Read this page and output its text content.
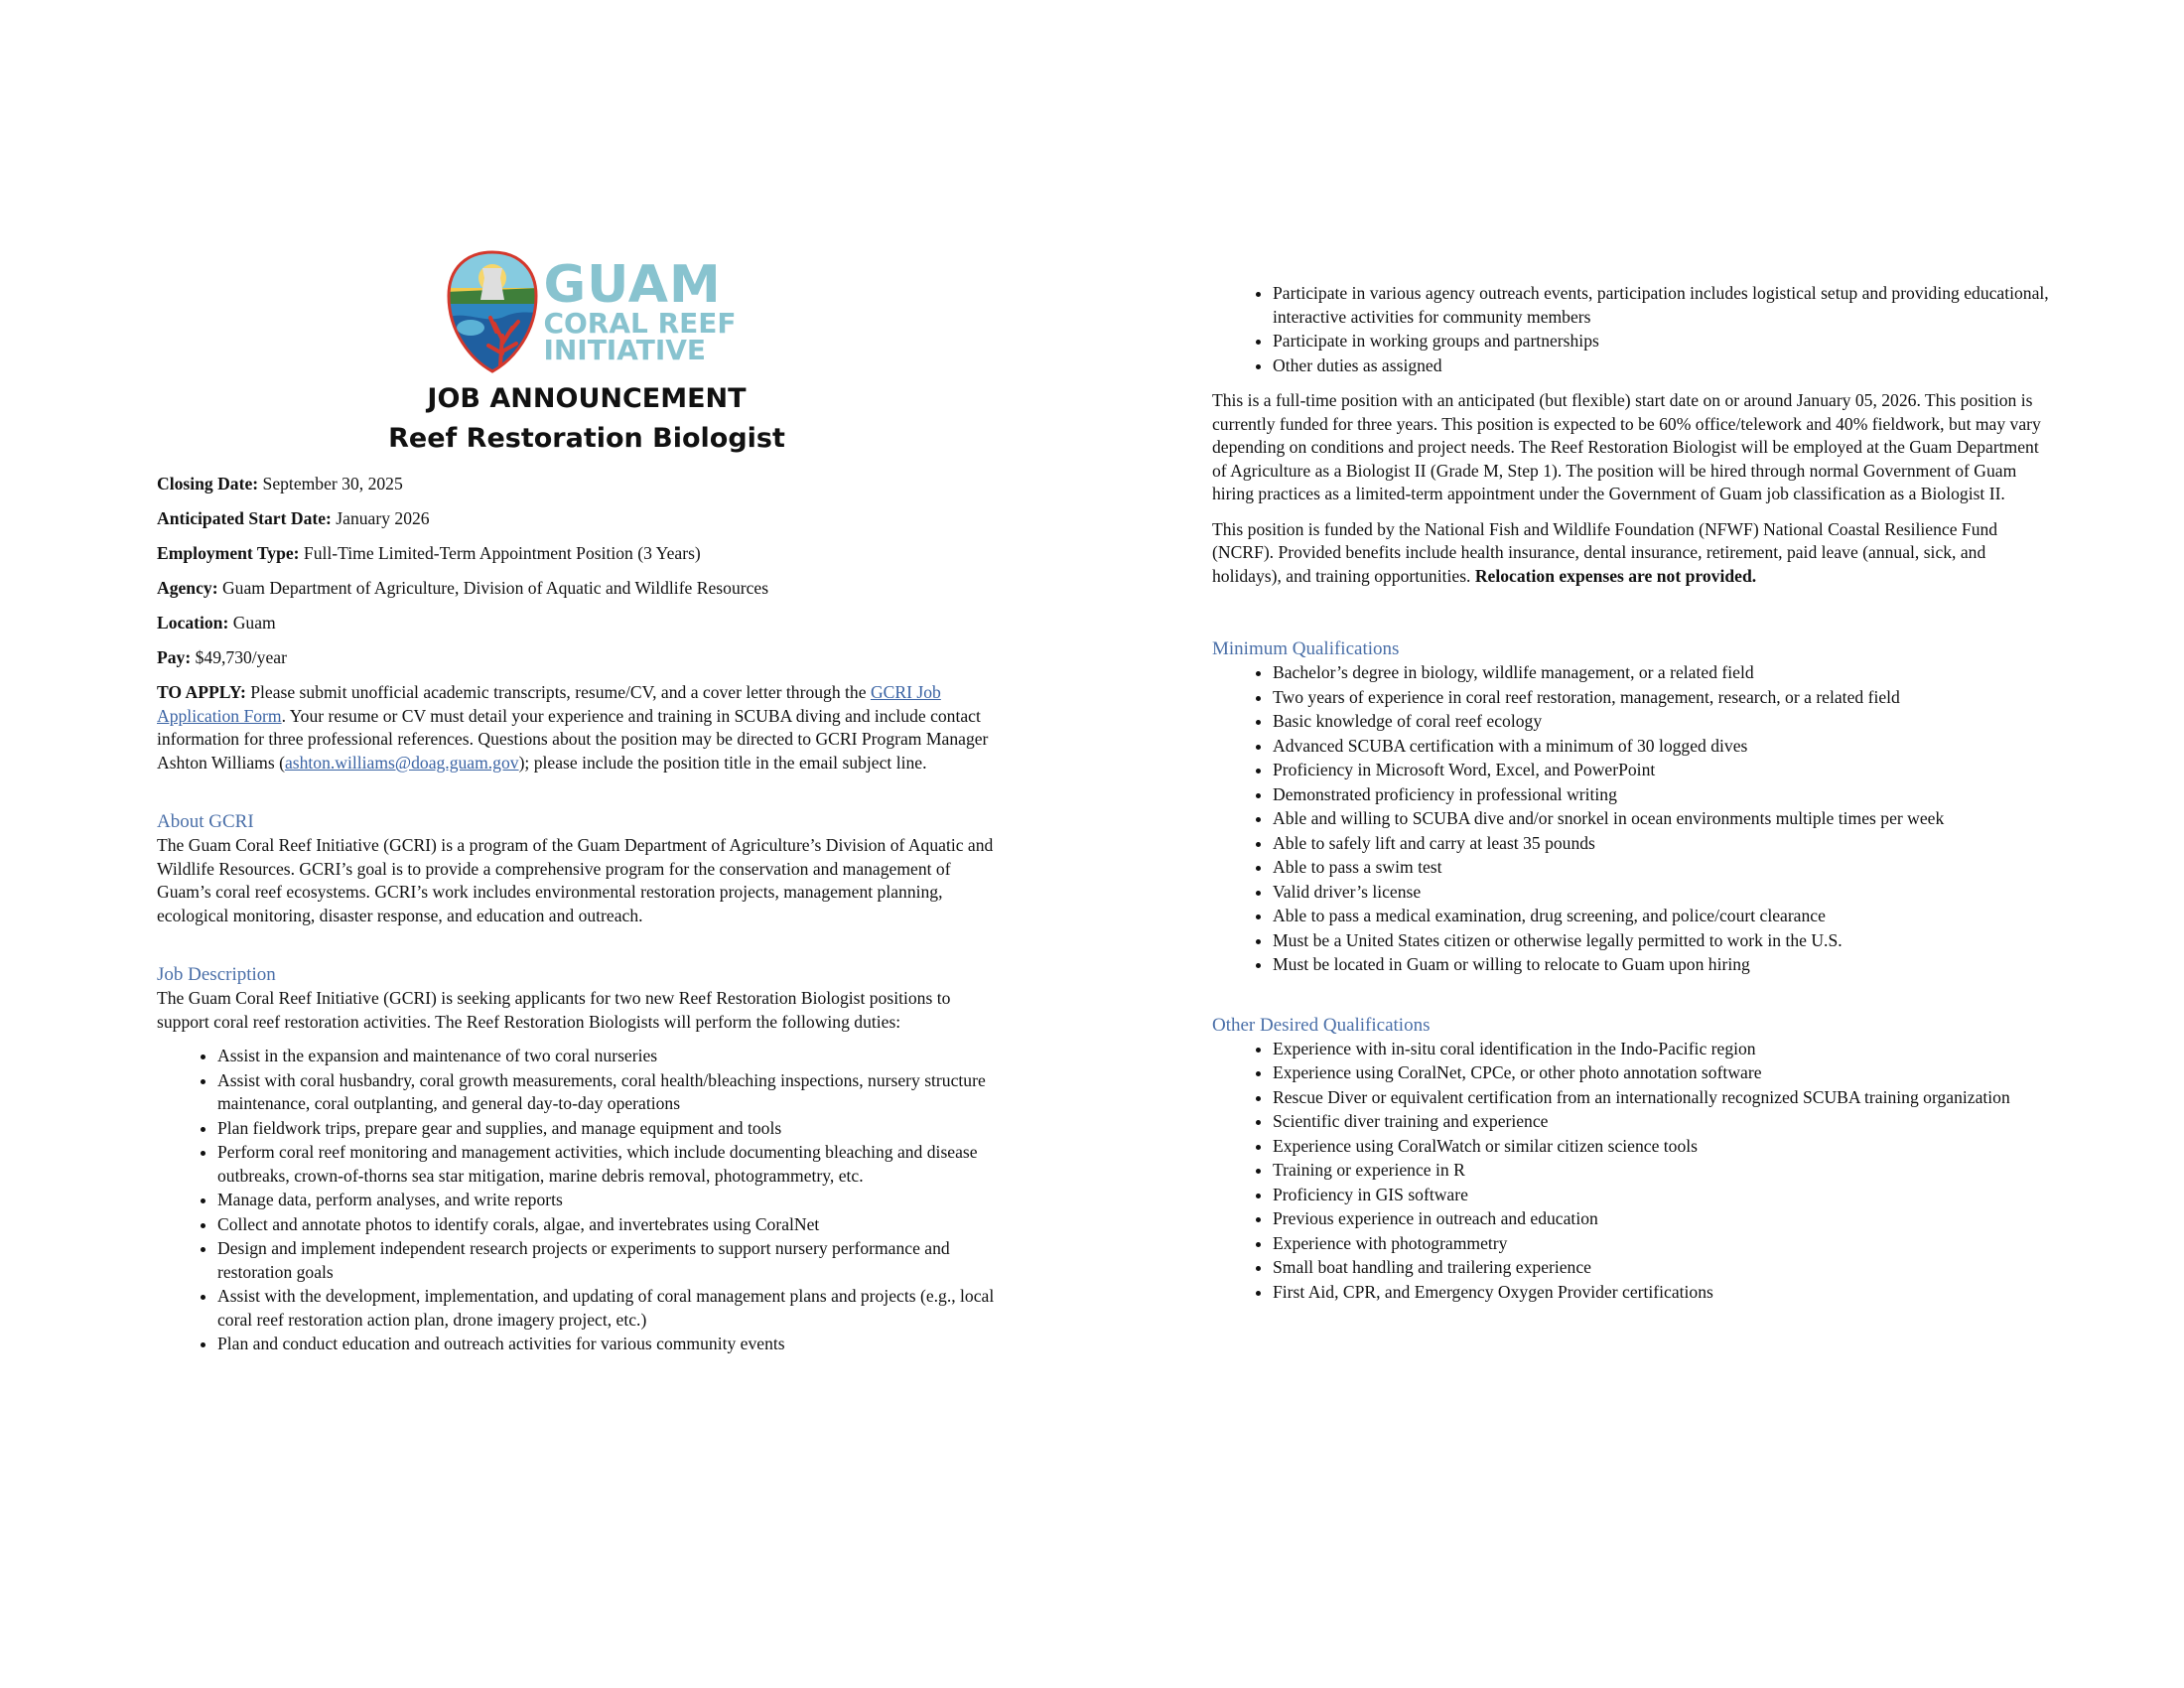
GUAM
CORAL REEF
INITIATIVE
JOB ANNOUNCEMENT
Reef Restoration Biologist

Closing Date: September 30, 2025

Anticipated Start Date: January 2026

Employment Type: Full-Time Limited-Term Appointment Position (3 Years)

Agency: Guam Department of Agriculture, Division of Aquatic and Wildlife Resources

Location: Guam

Pay: $49,730/year

TO APPLY: Please submit unofficial academic transcripts, resume/CV, and a cover letter through the GCRI Job Application Form. Your resume or CV must detail your experience and training in SCUBA diving and include contact information for three professional references. Questions about the position may be directed to GCRI Program Manager Ashton Williams (ashton.williams@doag.guam.gov); please include the position title in the email subject line.

About GCRI

The Guam Coral Reef Initiative (GCRI) is a program of the Guam Department of Agriculture’s Division of Aquatic and Wildlife Resources. GCRI’s goal is to provide a comprehensive program for the conservation and management of Guam’s coral reef ecosystems. GCRI’s work includes environmental restoration projects, management planning, ecological monitoring, disaster response, and education and outreach.

Job Description

The Guam Coral Reef Initiative (GCRI) is seeking applicants for two new Reef Restoration Biologist positions to support coral reef restoration activities. The Reef Restoration Biologists will perform the following duties:

• Assist in the expansion and maintenance of two coral nurseries
• Assist with coral husbandry, coral growth measurements, coral health/bleaching inspections, nursery structure maintenance, coral outplanting, and general day-to-day operations
• Plan fieldwork trips, prepare gear and supplies, and manage equipment and tools
• Perform coral reef monitoring and management activities, which include documenting bleaching and disease outbreaks, crown-of-thorns sea star mitigation, marine debris removal, photogrammetry, etc.
• Manage data, perform analyses, and write reports
• Collect and annotate photos to identify corals, algae, and invertebrates using CoralNet
• Design and implement independent research projects or experiments to support nursery performance and restoration goals
• Assist with the development, implementation, and updating of coral management plans and projects (e.g., local coral reef restoration action plan, drone imagery project, etc.)
• Plan and conduct education and outreach activities for various community events
• Participate in various agency outreach events, participation includes logistical setup and providing educational, interactive activities for community members
• Participate in working groups and partnerships
• Other duties as assigned

This is a full-time position with an anticipated (but flexible) start date on or around January 05, 2026. This position is currently funded for three years. This position is expected to be 60% office/telework and 40% fieldwork, but may vary depending on conditions and project needs. The Reef Restoration Biologist will be employed at the Guam Department of Agriculture as a Biologist II (Grade M, Step 1). The position will be hired through normal Government of Guam hiring practices as a limited-term appointment under the Government of Guam job classification as a Biologist II.

This position is funded by the National Fish and Wildlife Foundation (NFWF) National Coastal Resilience Fund (NCRF). Provided benefits include health insurance, dental insurance, retirement, paid leave (annual, sick, and holidays), and training opportunities. Relocation expenses are not provided.

Minimum Qualifications
• Bachelor’s degree in biology, wildlife management, or a related field
• Two years of experience in coral reef restoration, management, research, or a related field
• Basic knowledge of coral reef ecology
• Advanced SCUBA certification with a minimum of 30 logged dives
• Proficiency in Microsoft Word, Excel, and PowerPoint
• Demonstrated proficiency in professional writing
• Able and willing to SCUBA dive and/or snorkel in ocean environments multiple times per week
• Able to safely lift and carry at least 35 pounds
• Able to pass a swim test
• Valid driver’s license
• Able to pass a medical examination, drug screening, and police/court clearance
• Must be a United States citizen or otherwise legally permitted to work in the U.S.
• Must be located in Guam or willing to relocate to Guam upon hiring
Other Desired Qualifications
• Experience with in-situ coral identification in the Indo-Pacific region
• Experience using CoralNet, CPCe, or other photo annotation software
• Rescue Diver or equivalent certification from an internationally recognized SCUBA training organization
• Scientific diver training and experience
• Experience using CoralWatch or similar citizen science tools
• Training or experience in R
• Proficiency in GIS software
• Previous experience in outreach and education
• Experience with photogrammetry
• Small boat handling and trailering experience
• First Aid, CPR, and Emergency Oxygen Provider certifications
